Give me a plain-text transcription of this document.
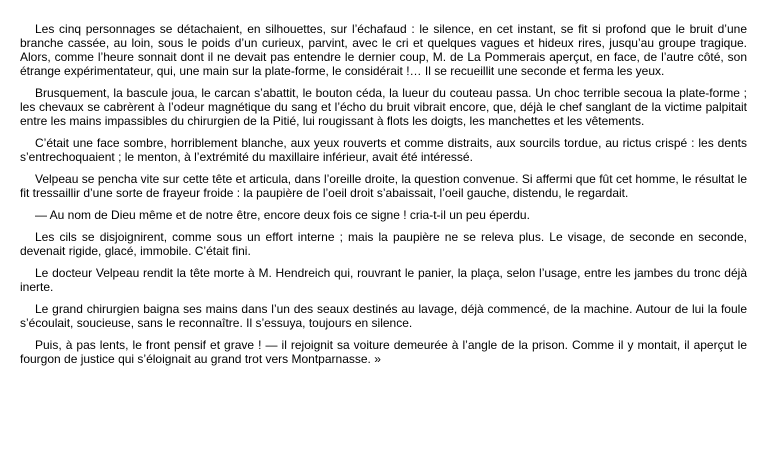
Les cinq personnages se détachaient, en silhouettes, sur l’échafaud : le silence, en cet instant, se fit si profond que le bruit d’une branche cassée, au loin, sous le poids d’un curieux, parvint, avec le cri et quelques vagues et hideux rires, jusqu’au groupe tragique. Alors, comme l’heure sonnait dont il ne devait pas entendre le dernier coup, M. de La Pommerais aperçut, en face, de l’autre côté, son étrange expérimentateur, qui, une main sur la plate-forme, le considérait !… Il se recueillit une seconde et ferma les yeux.

Brusquement, la bascule joua, le carcan s’abattit, le bouton céda, la lueur du couteau passa. Un choc terrible secoua la plate-forme ; les chevaux se cabrèrent à l’odeur magnétique du sang et l’écho du bruit vibrait encore, que, déjà le chef sanglant de la victime palpitait entre les mains impassibles du chirurgien de la Pitié, lui rougissant à flots les doigts, les manchettes et les vêtements.

C’était une face sombre, horriblement blanche, aux yeux rouverts et comme distraits, aux sourcils tordue, au rictus crispé : les dents s’entrechoquaient ; le menton, à l’extrémité du maxillaire inférieur, avait été intéressé.

Velpeau se pencha vite sur cette tête et articula, dans l’oreille droite, la question convenue. Si affermi que fût cet homme, le résultat le fit tressaillir d’une sorte de frayeur froide : la paupière de l’oeil droit s’abaissait, l’oeil gauche, distendu, le regardait.

— Au nom de Dieu même et de notre être, encore deux fois ce signe ! cria-t-il un peu éperdu.

Les cils se disjoignirent, comme sous un effort interne ; mais la paupière ne se releva plus. Le visage, de seconde en seconde, devenait rigide, glacé, immobile. C’était fini.

Le docteur Velpeau rendit la tête morte à M. Hendreich qui, rouvrant le panier, la plaça, selon l’usage, entre les jambes du tronc déjà inerte.

Le grand chirurgien baigna ses mains dans l’un des seaux destinés au lavage, déjà commencé, de la machine. Autour de lui la foule s’écoulait, soucieuse, sans le reconnaître. Il s’essuya, toujours en silence.

Puis, à pas lents, le front pensif et grave ! — il rejoignit sa voiture demeurée à l’angle de la prison. Comme il y montait, il aperçut le fourgon de justice qui s’éloignait au grand trot vers Montparnasse. »
